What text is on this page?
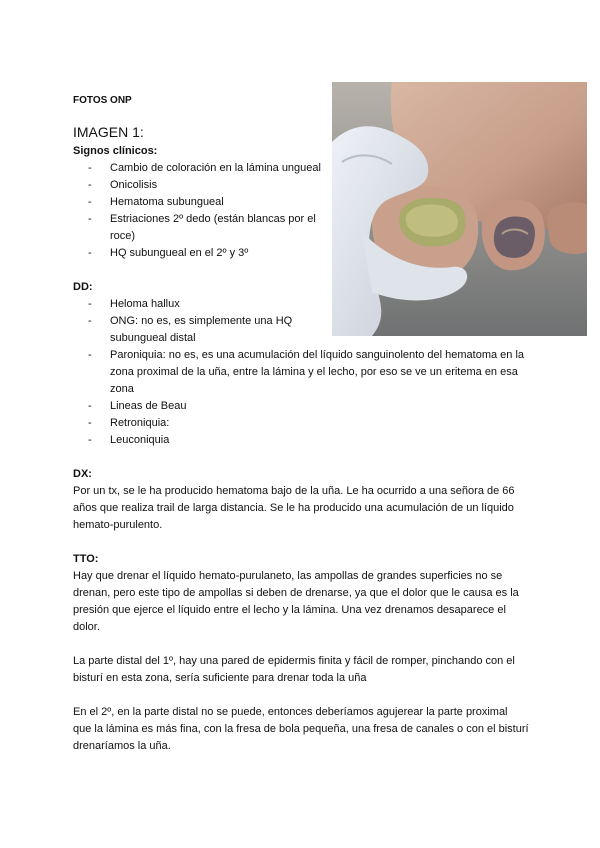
FOTOS ONP
IMAGEN 1:
Signos clínicos:
- Cambio de coloración en la lámina ungueal
- Onicolisis
- Hematoma subungueal
- Estriaciones 2º dedo (están blancas por el
roce)
- HQ subungueal en el 2º y 3º
DD:
- Heloma hallux
- ONG: no es, es simplemente una HQ
subungueal distal
- Paroniquia: no es, es una acumulación del líquido sanguinolento del hematoma en la
zona proximal de la uña, entre la lámina y el lecho, por eso se ve un eritema en esa
zona
- Lineas de Beau
- Retroniquia:
- Leuconiquia
DX:
Por un tx, se le ha producido hematoma bajo de la uña. Le ha ocurrido a una señora de 66
años que realiza trail de larga distancia. Se le ha producido una acumulación de un líquido
hemato-purulento.
TTO:
Hay que drenar el líquido hemato-purulaneto, las ampollas de grandes superficies no se
drenan, pero este tipo de ampollas si deben de drenarse, ya que el dolor que le causa es la
presión que ejerce el líquido entre el lecho y la lámina. Una vez drenamos desaparece el
dolor.
La parte distal del 1º, hay una pared de epidermis finita y fácil de romper, pinchando con el
bisturí en esta zona, sería suficiente para drenar toda la uña
En el 2º, en la parte distal no se puede, entonces deberíamos agujerear la parte proximal
que la lámina es más fina, con la fresa de bola pequeña, una fresa de canales o con el bisturí
drenaríamos la uña.
